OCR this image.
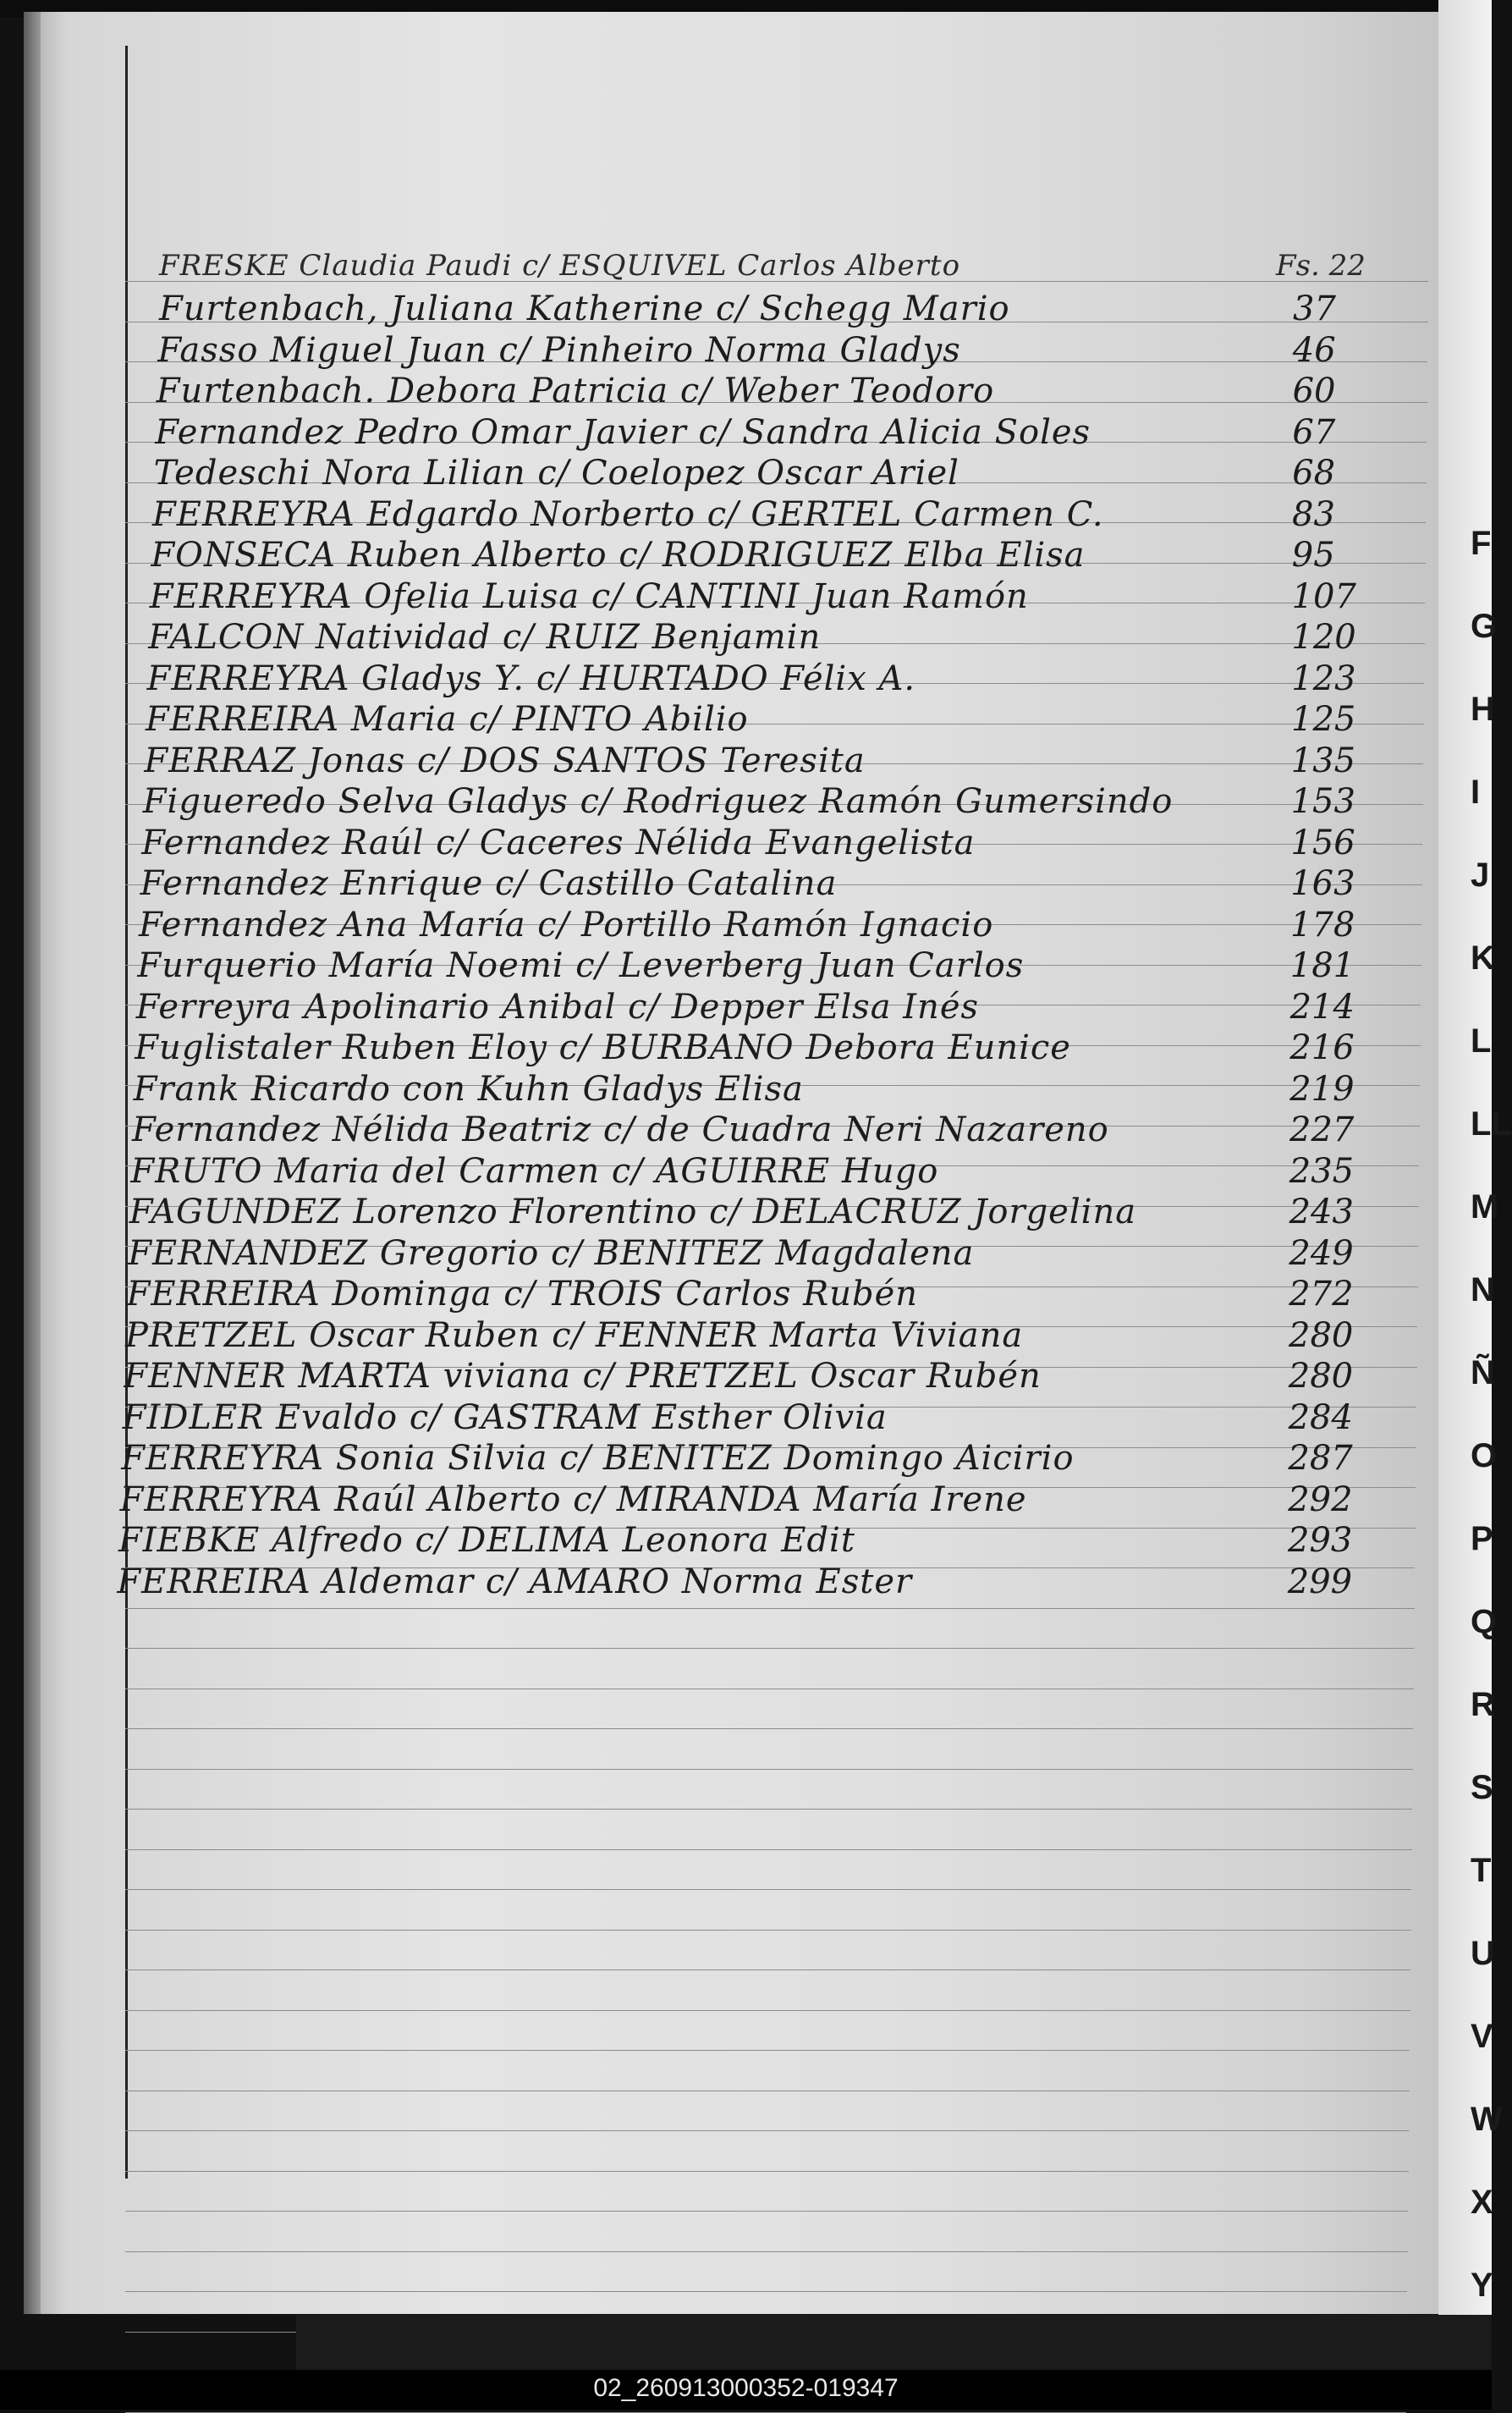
FRESKE Claudia Paudi c/ ESQUIVEL Carlos Alberto	Fs. 22
Furtenbach, Juliana Katherine c/ Schegg Mario	37
Fasso Miguel Juan c/ Pinheiro Norma Gladys	46
Furtenbach. Debora Patricia c/ Weber Teodoro	60
Fernandez Pedro Omar Javier c/ Sandra Alicia Soles	67
Tedeschi Nora Lilian c/ Coelopez Oscar Ariel	68
FERREYRA Edgardo Norberto c/ GERTEL Carmen C.	83
FONSECA Ruben Alberto c/ RODRIGUEZ Elba Elisa	95
FERREYRA Ofelia Luisa c/ CANTINI Juan Ramón	107
FALCON Natividad c/ RUIZ Benjamin	120
FERREYRA Gladys Y. c/ HURTADO Félix A.	123
FERREIRA Maria c/ PINTO Abilio	125
FERRAZ Jonas c/ DOS SANTOS Teresita	135
Figueredo Selva Gladys c/ Rodriguez Ramón Gumersindo	153
Fernandez Raúl c/ Caceres Nélida Evangelista	156
Fernandez Enrique c/ Castillo Catalina	163
Fernandez Ana María c/ Portillo Ramón Ignacio	178
Furquerio María Noemi c/ Leverberg Juan Carlos	181
Ferreyra Apolinario Anibal c/ Depper Elsa Inés	214
Fuglistaler Ruben Eloy c/ BURBANO Debora Eunice	216
Frank Ricardo con Kuhn Gladys Elisa	219
Fernandez Nélida Beatriz c/ de Cuadra Neri Nazareno	227
FRUTO Maria del Carmen c/ AGUIRRE Hugo	235
FAGUNDEZ Lorenzo Florentino c/ DELACRUZ Jorgelina	243
FERNANDEZ Gregorio c/ BENITEZ Magdalena	249
FERREIRA Dominga c/ TROIS Carlos Rubén	272
PRETZEL Oscar Ruben c/ FENNER Marta Viviana	280
FENNER MARTA viviana c/ PRETZEL Oscar Rubén	280
FIDLER Evaldo c/ GASTRAM Esther Olivia	284
FERREYRA Sonia Silvia c/ BENITEZ Domingo Aicirio	287
FERREYRA Raúl Alberto c/ MIRANDA María Irene	292
FIEBKE Alfredo c/ DELIMA Leonora Edit	293
FERREIRA Aldemar c/ AMARO Norma Ester	299
F
G
H
I
J
K
L
LL
M
N
Ñ
O
P
Q
R
S
T
U
V
W
X
Y
02_260913000352-019347
